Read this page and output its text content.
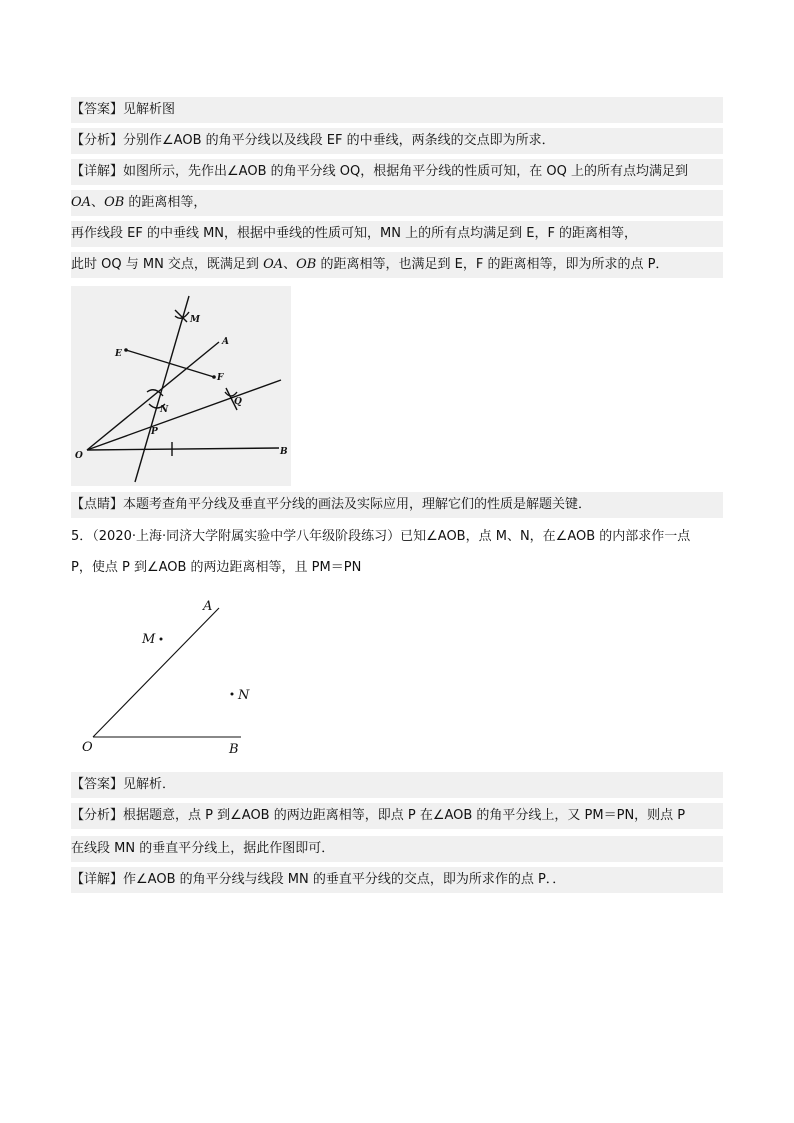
【答案】见解析图
【分析】分别作∠AOB 的角平分线以及线段 EF 的中垂线，两条线的交点即为所求．
【详解】如图所示，先作出∠AOB 的角平分线 OQ，根据角平分线的性质可知，在 OQ 上的所有点均满足到
OA、OB 的距离相等，
再作线段 EF 的中垂线 MN，根据中垂线的性质可知，MN 上的所有点均满足到 E，F 的距离相等，
此时 OQ 与 MN 交点，既满足到 OA、OB 的距离相等，也满足到 E，F 的距离相等，即为所求的点 P．
M
A
E
F
N
Q
P
O	B
【点睛】本题考查角平分线及垂直平分线的画法及实际应用，理解它们的性质是解题关键．
5．（2020·上海·同济大学附属实验中学八年级阶段练习）已知∠AOB，点 M、N，在∠AOB 的内部求作一点
P，使点 P 到∠AOB 的两边距离相等，且 PM＝PN
A
M
N
O	B
【答案】见解析．
【分析】根据题意，点 P 到∠AOB 的两边距离相等，即点 P 在∠AOB 的角平分线上，又 PM＝PN，则点 P
在线段 MN 的垂直平分线上，据此作图即可．
【详解】作∠AOB 的角平分线与线段 MN 的垂直平分线的交点，即为所求作的点 P．．
